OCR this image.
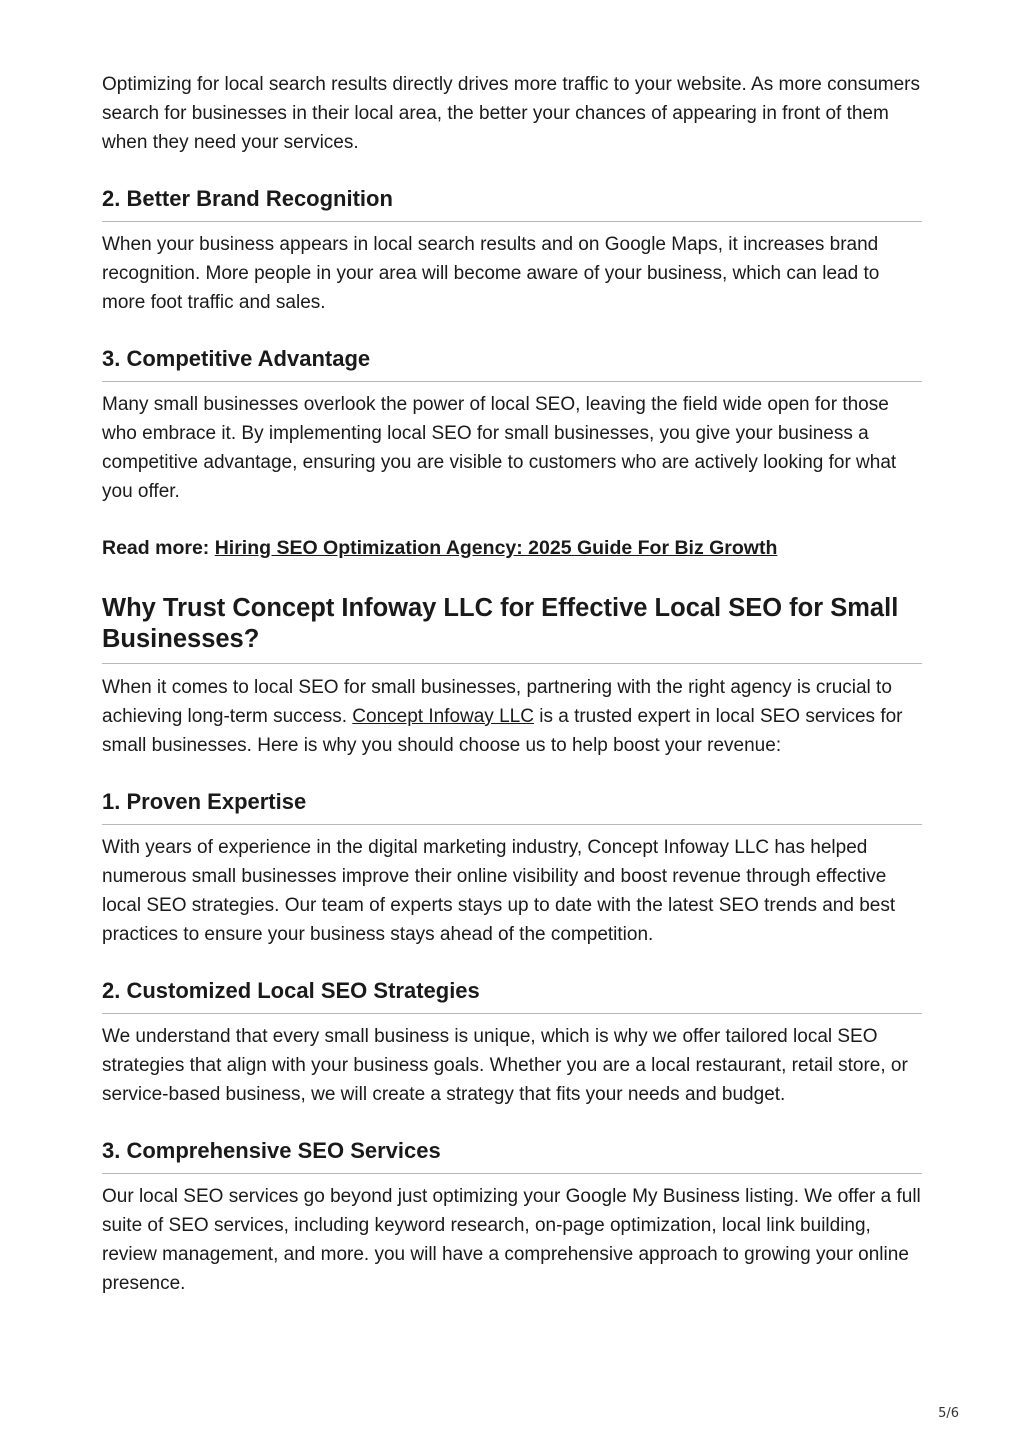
Optimizing for local search results directly drives more traffic to your website. As more consumers search for businesses in their local area, the better your chances of appearing in front of them when they need your services.

2. Better Brand Recognition

When your business appears in local search results and on Google Maps, it increases brand recognition. More people in your area will become aware of your business, which can lead to more foot traffic and sales.

3. Competitive Advantage

Many small businesses overlook the power of local SEO, leaving the field wide open for those who embrace it. By implementing local SEO for small businesses, you give your business a competitive advantage, ensuring you are visible to customers who are actively looking for what you offer.

Read more: Hiring SEO Optimization Agency: 2025 Guide For Biz Growth

Why Trust Concept Infoway LLC for Effective Local SEO for Small Businesses?

When it comes to local SEO for small businesses, partnering with the right agency is crucial to achieving long-term success. Concept Infoway LLC is a trusted expert in local SEO services for small businesses. Here is why you should choose us to help boost your revenue:

1. Proven Expertise

With years of experience in the digital marketing industry, Concept Infoway LLC has helped numerous small businesses improve their online visibility and boost revenue through effective local SEO strategies. Our team of experts stays up to date with the latest SEO trends and best practices to ensure your business stays ahead of the competition.

2. Customized Local SEO Strategies

We understand that every small business is unique, which is why we offer tailored local SEO strategies that align with your business goals. Whether you are a local restaurant, retail store, or service-based business, we will create a strategy that fits your needs and budget.

3. Comprehensive SEO Services

Our local SEO services go beyond just optimizing your Google My Business listing. We offer a full suite of SEO services, including keyword research, on-page optimization, local link building, review management, and more. you will have a comprehensive approach to growing your online presence.

5/6
